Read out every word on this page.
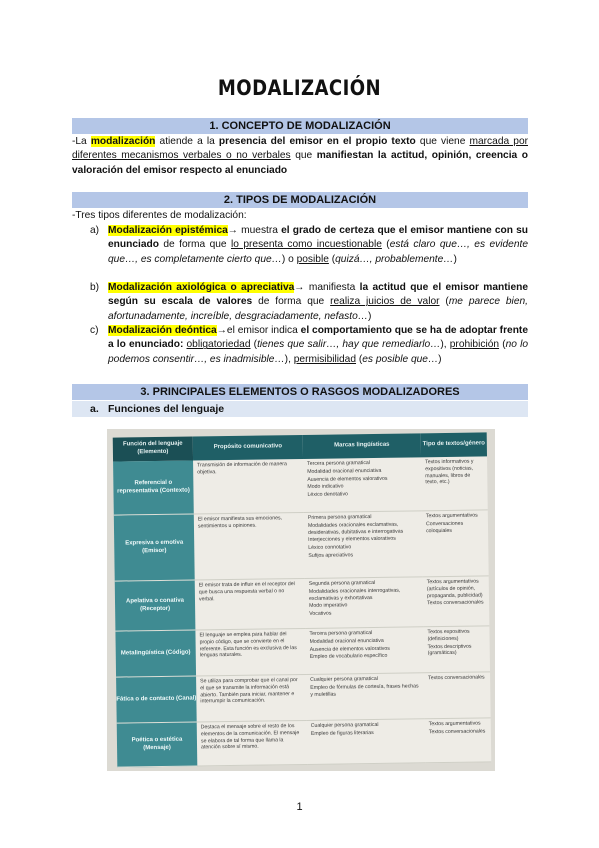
MODALIZACIÓN
1. CONCEPTO DE MODALIZACIÓN
-La modalización atiende a la presencia del emisor en el propio texto que viene marcada por diferentes mecanismos verbales o no verbales que manifiestan la actitud, opinión, creencia o valoración del emisor respecto al enunciado
2. TIPOS DE MODALIZACIÓN
-Tres tipos diferentes de modalización:
a) Modalización epistémica→ muestra el grado de certeza que el emisor mantiene con su enunciado de forma que lo presenta como incuestionable (está claro que…, es evidente que…, es completamente cierto que…) o posible (quizá…, probablemente…)
b) Modalización axiológica o apreciativa→ manifiesta la actitud que el emisor mantiene según su escala de valores de forma que realiza juicios de valor (me parece bien, afortunadamente, increíble, desgraciadamente, nefasto…)
c) Modalización deóntica→el emisor indica el comportamiento que se ha de adoptar frente a lo enunciado: obligatoriedad (tienes que salir…, hay que remediarlo…), prohibición (no lo podemos consentir…, es inadmisible…), permisibilidad (es posible que…)
3. PRINCIPALES ELEMENTOS O RASGOS MODALIZADORES
a. Funciones del lenguaje
Función del lenguaje (Elemento)
Propósito comunicativo	Marcas lingüísticas	Tipo de textos/género
Referencial o representativa (Contexto)
Transmisión de información de manera objetiva.
Tercera persona gramatical
Modalidad oracional enunciativa
Ausencia de elementos valorativos
Modo indicativo
Léxico denotativo
Textos informativos y expositivos (noticias, manuales, libros de texto, etc.)
Expresiva o emotiva (Emisor)
El emisor manifiesta sus emociones, sentimientos u opiniones.
Primera persona gramatical
Modalidades oracionales exclamativas, desiderativas, dubitativas e interrogativas
Interjecciones y elementos valorativos
Léxico connotativo
Sufijos apreciativos
Textos argumentativos
Conversaciones coloquiales
Apelativa o conativa (Receptor)
El emisor trata de influir en el receptor del que busca una respuesta verbal o no verbal.
Segunda persona gramatical
Modalidades oracionales interrogativas, exclamativas y exhortativas
Modo imperativo
Vocativos
Textos argumentativos (artículos de opinión, propaganda, publicidad)
Textos conversacionales
Metalingüística (Código)
El lenguaje se emplea para hablar del propio código, que se convierte en el referente. Esta función es exclusiva de las lenguas naturales.
Tercera persona gramatical
Modalidad oracional enunciativa
Ausencia de elementos valorativos
Empleo de vocabulario específico
Textos expositivos (definiciones)
Textos descriptivos (gramáticas)
Fática o de contacto (Canal)
Se utiliza para comprobar que el canal por el que se transmite la información está abierto. También para iniciar, mantener e interrumpir la comunicación.
Cualquier persona gramatical
Empleo de fórmulas de cortesía, frases hechas y muletillas
Textos conversacionales
Poética o estética (Mensaje)
Destaca el mensaje sobre el resto de los elementos de la comunicación. El mensaje se elabora de tal forma que llama la atención sobre sí mismo.
Cualquier persona gramatical
Empleo de figuras literarias
Textos argumentativos
Textos conversacionales
1
